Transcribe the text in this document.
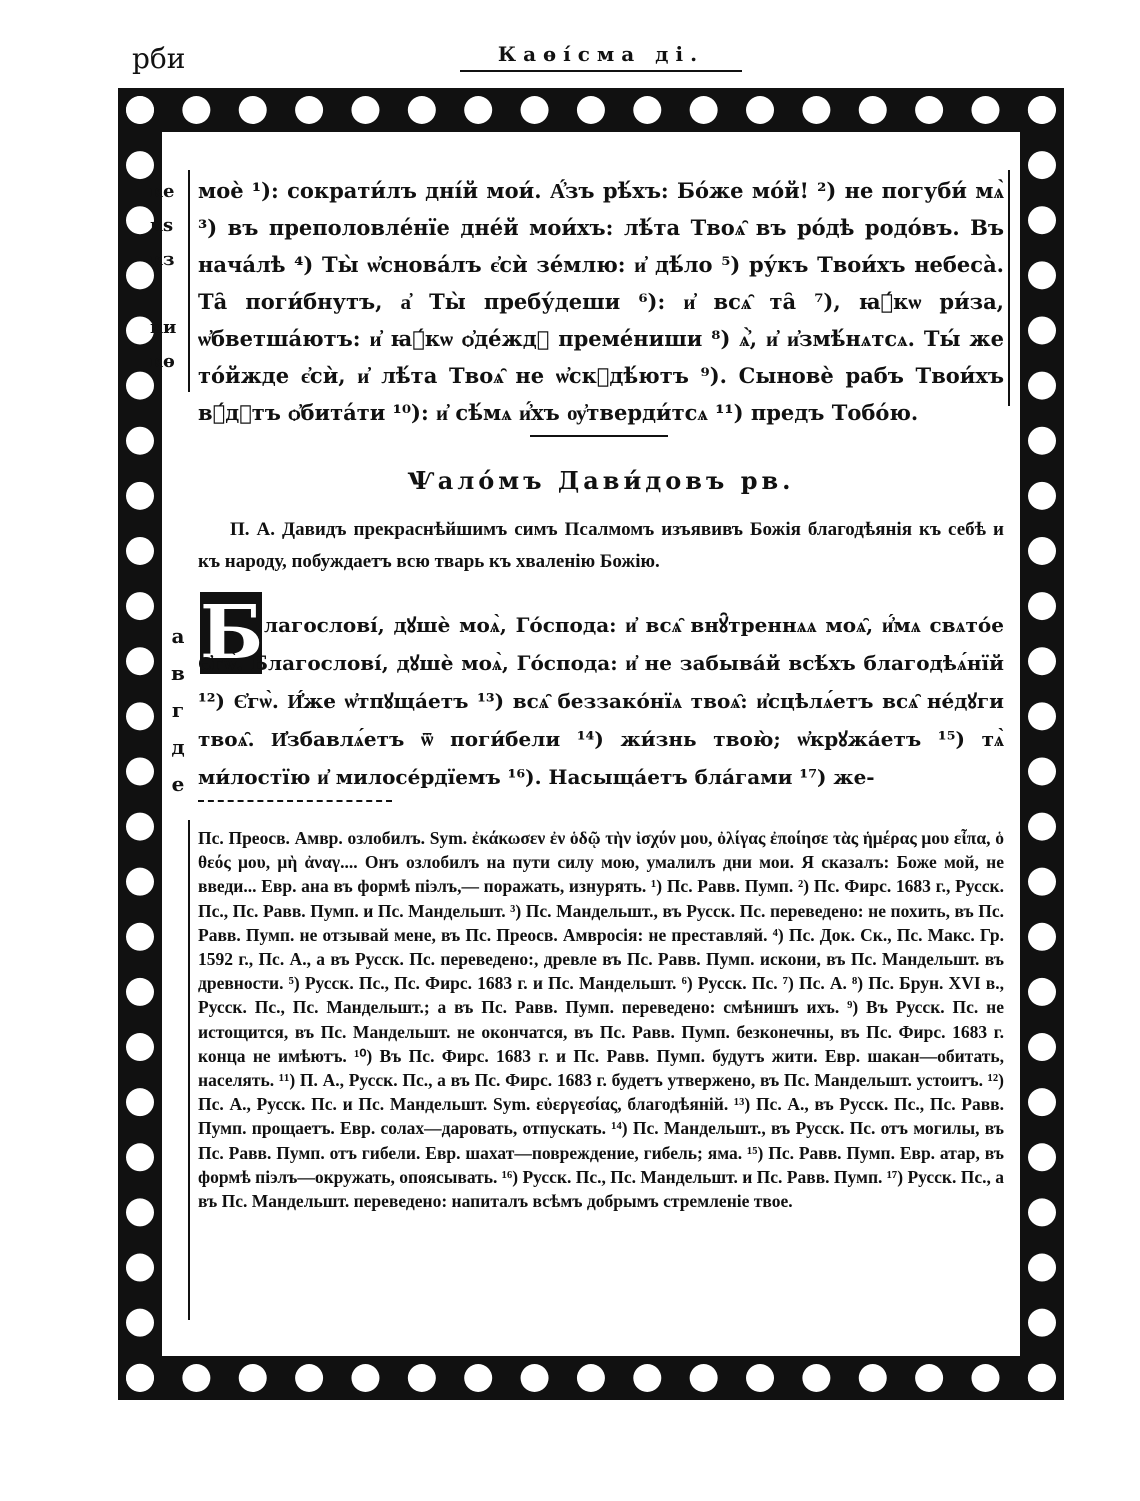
рби	Каѳі́сма ді.
ке
кѕ
кз
ки
кѳ

моѐ ¹): сократи́лъ дні́й мои́. А҆́зъ рѣ́хъ: Бо́же мо́й! ²) не погуби́ мѧ̀ ³) въ преполовле́нїе дне́й мои́хъ: лѣ́та Твоѧ̑ въ ро́дѣ родо́въ. Въ нача́лѣ ⁴) Ты̀ ѡ҆снова́лъ є҆сѝ зе́млю: и҆ дѣ́ло ⁵) ру́къ Твои́хъ небеса̀. Та̑ поги́бнутъ, а҆ Ты̀ пребу́деши ⁶): и҆ всѧ̑ та̑ ⁷), ꙗ҆́кѡ ри́за, ѡ҆бветша́ютъ: и҆ ꙗ҆́кѡ ѻ҆де́ждꙋ преме́ниши ⁸) ѧ҆̀, и҆ и҆змѣ́нѧтсѧ. Ты́ же то́йжде є҆сѝ, и҆ лѣ́та Твоѧ̑ не ѡ҆скꙋдѣ́ютъ ⁹). Сыновѐ рабъ Твои́хъ вꙋ́дꙋтъ ѻ҆бита́ти ¹⁰): и҆ сѣ́мѧ и҆́хъ ѹ҆тверди́тсѧ ¹¹) предъ Тобо́ю.

Ѱало́мъ Дави́довъ рв.

П. А. Давидъ прекраснѣйшимъ симъ Псалмомъ изъявивъ Божія благодѣянія къ себѣ и къ народу, побуждаетъ всю тварь къ хваленію Божію.

а
в
г
д
е
Б лагослові́, дꙋшѐ моѧ̀, Го́спода: и҆ всѧ̑ внꙋ̑треннѧѧ моѧ̑, и҆́мѧ свѧто́е Є҆гѡ̀. Благослові́, дꙋшѐ моѧ̀, Го́спода: и҆ не забыва́й всѣ́хъ благодѣѧ́нїй ¹²) Є҆гѡ̀. И҆́же ѡ҆тпꙋща́етъ ¹³) всѧ̑ беззако́нїѧ твоѧ̑: и҆сцѣлѧ́етъ всѧ̑ не́дꙋги твоѧ̑. И҆збавлѧ́етъ ѿ поги́бели ¹⁴) жи́знь твою̀; ѡ҆крꙋжа́етъ ¹⁵) тѧ̀ ми́лостїю и҆ милосе́рдїемъ ¹⁶). Насыща́етъ бла́гами ¹⁷) же-

Пс. Преосв. Амвр. озлобилъ. Sym. ἐκάκωσεν ἐν ὁδῷ τὴν ἰσχύν μου, ὀλίγας ἐποίησε τὰς ἡμέρας μου εἶπα, ὁ θεός μου, μὴ ἀναγ.... Онъ озлобилъ на пути силу мою, умалилъ дни мои. Я сказалъ: Боже мой, не введи... Евр. ана въ формѣ піэлъ,— поражать, изнурять. ¹) Пс. Равв. Пумп. ²) Пс. Фирс. 1683 г., Русск. Пс., Пс. Равв. Пумп. и Пс. Мандельшт. ³) Пс. Мандельшт., въ Русск. Пс. переведено: не похить, въ Пс. Равв. Пумп. не отзывай мене, въ Пс. Преосв. Амвросія: не преставляй. ⁴) Пс. Док. Ск., Пс. Макс. Гр. 1592 г., Пс. А., а въ Русск. Пс. переведено:, древле въ Пс. Равв. Пумп. искони, въ Пс. Мандельшт. въ древности. ⁵) Русск. Пс., Пс. Фирс. 1683 г. и Пс. Мандельшт. ⁶) Русск. Пс. ⁷) Пс. А. ⁸) Пс. Брун. XVI в., Русск. Пс., Пс. Мандельшт.; а въ Пс. Равв. Пумп. переведено: смѣнишъ ихъ. ⁹) Въ Русск. Пс. не истощится, въ Пс. Мандельшт. не окончатся, въ Пс. Равв. Пумп. безконечны, въ Пс. Фирс. 1683 г. конца не имѣютъ. ¹⁰) Въ Пс. Фирс. 1683 г. и Пс. Равв. Пумп. будутъ жити. Евр. шакан—обитать, населять. ¹¹) П. А., Русск. Пс., а въ Пс. Фирс. 1683 г. будетъ утвержено, въ Пс. Мандельшт. устоитъ. ¹²) Пс. А., Русск. Пс. и Пс. Мандельшт. Sym. εὐεργεσίας, благодѣяній. ¹³) Пс. А., въ Русск. Пс., Пс. Равв. Пумп. прощаетъ. Евр. солах—даровать, отпускать. ¹⁴) Пс. Мандельшт., въ Русск. Пс. отъ могилы, въ Пс. Равв. Пумп. отъ гибели. Евр. шахат—повреждение, гибель; яма. ¹⁵) Пс. Равв. Пумп. Евр. атар, въ формѣ піэлъ—окружать, опоясывать. ¹⁶) Русск. Пс., Пс. Мандельшт. и Пс. Равв. Пумп. ¹⁷) Русск. Пс., а въ Пс. Мандельшт. переведено: напиталъ всѣмъ добрымъ стремленіе твое.
